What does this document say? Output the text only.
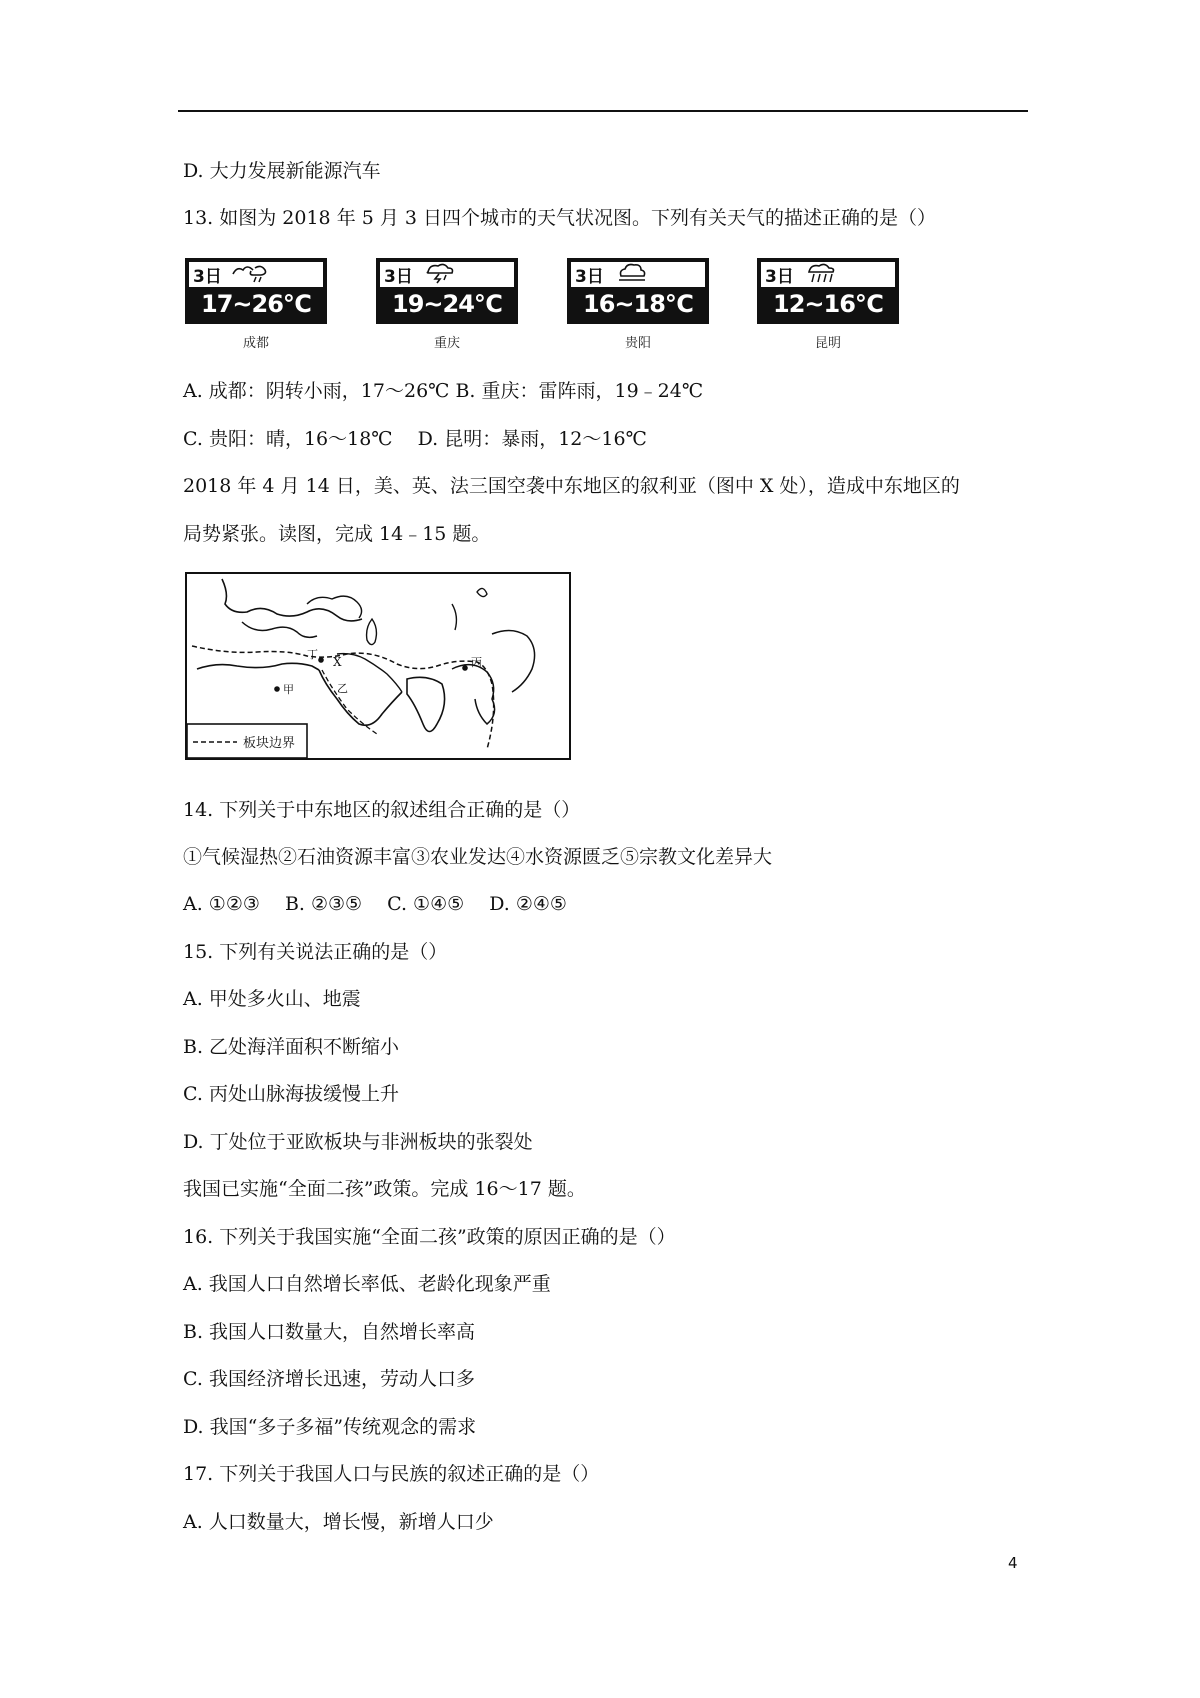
D. 大力发展新能源汽车
13. 如图为 2018 年 5 月 3 日四个城市的天气状况图。下列有关天气的描述正确的是（）
3日
17~26℃
成都
3日
19~24℃
重庆
3日
16~18℃
贵阳
3日
12~16℃
昆明
A. 成都：阴转小雨，17～26℃ B. 重庆：雷阵雨，19﹣24℃
C. 贵阳：晴，16～18℃　 D. 昆明：暴雨，12～16℃
2018 年 4 月 14 日，美、英、法三国空袭中东地区的叙利亚（图中 X 处），造成中东地区的
局势紧张。读图，完成 14﹣15 题。
X
甲	乙
丙
丁
板块边界
14. 下列关于中东地区的叙述组合正确的是（）
①气候湿热②石油资源丰富③农业发达④水资源匮乏⑤宗教文化差异大
A. ①②③　 B. ②③⑤　 C. ①④⑤　 D. ②④⑤
15. 下列有关说法正确的是（）
A. 甲处多火山、地震
B. 乙处海洋面积不断缩小
C. 丙处山脉海拔缓慢上升
D. 丁处位于亚欧板块与非洲板块的张裂处
我国已实施“全面二孩”政策。完成 16～17 题。
16. 下列关于我国实施“全面二孩”政策的原因正确的是（）
A. 我国人口自然增长率低、老龄化现象严重
B. 我国人口数量大，自然增长率高
C. 我国经济增长迅速，劳动人口多
D. 我国“多子多福”传统观念的需求
17. 下列关于我国人口与民族的叙述正确的是（）
A. 人口数量大，增长慢，新增人口少
4
